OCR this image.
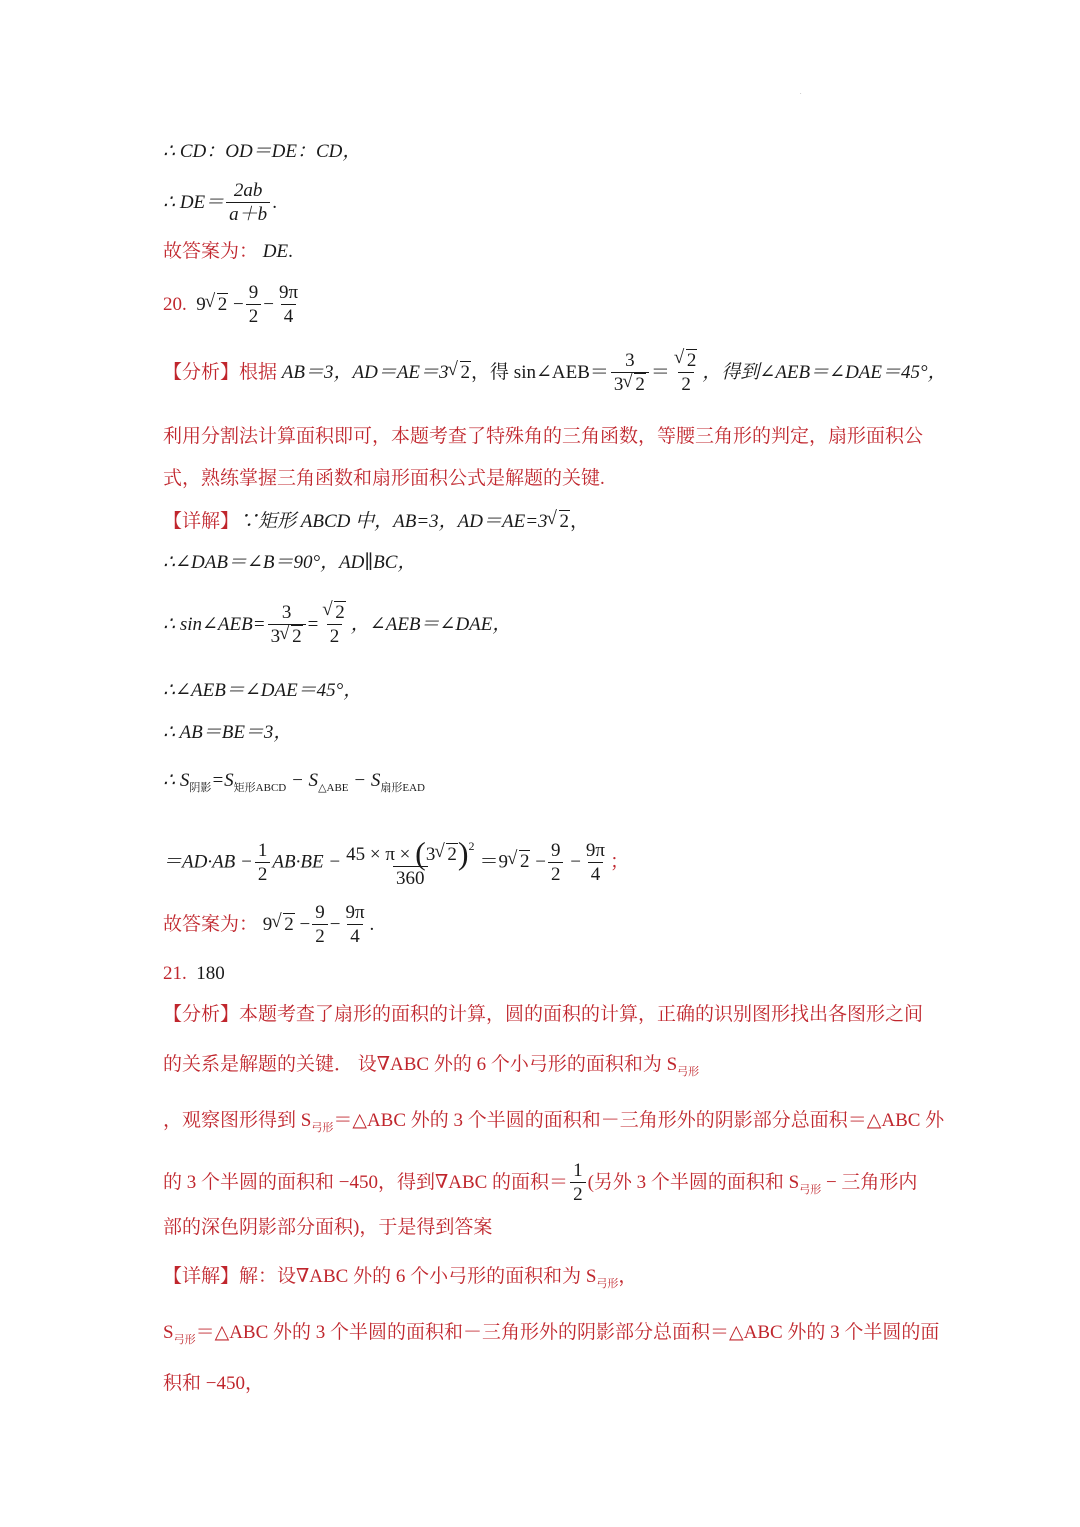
.
∴ CD：OD＝DE：CD，
∴ $DE= \frac{2ab}{a+b}$ .
故答案为： DE.
20. 9√ $2 - \frac{9}{2} - \frac{9\pi}{4}$
【分析】根据 AB＝3，AD＝AE＝3√ 2，得 sin∠AEB＝ $\frac{3}{3√ 2}$ ＝
√ $\frac{2}{2}$ ，得到∠AEB＝∠DAE＝45°，
利用分割法计算面积即可，本题考查了特殊角的三角函数，等腰三角形的判定，扇形面积公
式，熟练掌握三角函数和扇形面积公式是解题的关键.
【详解】∵矩形 ABCD 中，AB=3，AD＝AE=3√ 2，
∴∠DAB＝∠B＝90°，AD∥BC，
∴ sin∠AEB= $\frac{3}{3√ 2}$ =
√ $\frac{2}{2}$ ，∠AEB＝∠DAE，
∴∠AEB＝∠DAE＝45°，
∴ AB＝BE＝3，
∴ $S_{阴影}=S_{矩形ABCD} - S_{\triangle ABE} - S_{扇形EAD}$
$=AD\cdot AB - \frac{1}{2} AB\cdot BE - \frac{45 \times \pi \times (3√ 2)^2}{360} =9√$ $2 - \frac{9}{2} - \frac{9\pi}{4}$ ；
故答案为： 9√ $2 - \frac{9}{2} - \frac{9\pi}{4}$ .
21. 180
【分析】本题考查了扇形的面积的计算，圆的面积的计算，正确的识别图形找出各图形之间
的关系是解题的关键． 设∇ABC 外的 6 个小弓形的面积和为 $S_{弓形}$
，观察图形得到 $S_{弓形}=\triangle ABC$ 外的 3 个半圆的面积和－三角形外的阴影部分总面积＝△ABC 外
的 3 个半圆的面积和 −450，得到∇ABC 的面积＝ $\frac{1}{2}$ (另外 3 个半圆的面积和 $S_{弓形}$ − 三角形内
部的深色阴影部分面积)，于是得到答案
【详解】解：设∇ABC 外的 6 个小弓形的面积和为 $S_{弓形}$，
$S_{弓形}=\triangle ABC$ 外的 3 个半圆的面积和－三角形外的阴影部分总面积＝△ABC 外的 3 个半圆的面
积和 −450，
